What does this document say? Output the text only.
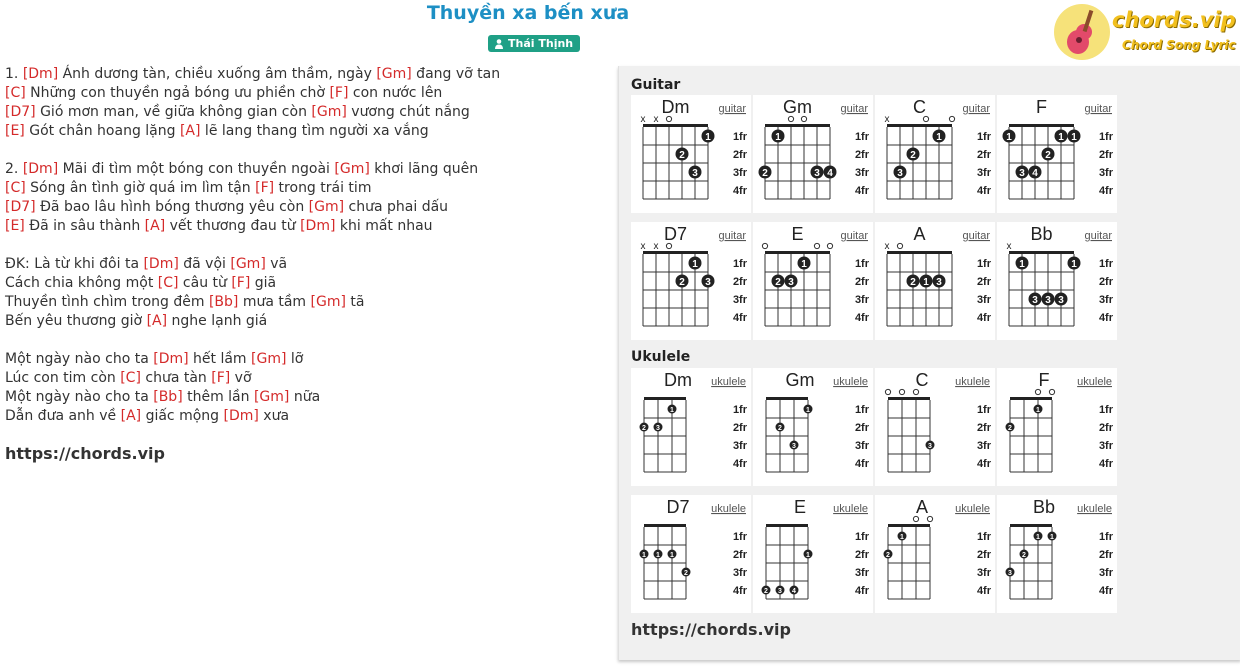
Thuyền xa bến xưa
Thái Thịnh
chords.vip
Chord Song Lyric
1. [Dm] Ánh dương tàn, chiều xuống âm thầm, ngày [Gm] đang vỡ tan
[C] Những con thuyền ngả bóng ưu phiền chờ [F] con nước lên
[D7] Gió mơn man, về giữa không gian còn [Gm] vương chút nắng
[E] Gót chân hoang lặng [A] lẽ lang thang tìm người xa vắng
2. [Dm] Mãi đi tìm một bóng con thuyền ngoài [Gm] khơi lãng quên
[C] Sóng ân tình giờ quá im lìm tận [F] trong trái tim
[D7] Đã bao lâu hình bóng thương yêu còn [Gm] chưa phai dấu
[E] Đã in sâu thành [A] vết thương đau từ [Dm] khi mất nhau
ĐK: Là từ khi đôi ta [Dm] đã vội [Gm] vã
Cách chia không một [C] câu từ [F] giã
Thuyền tình chìm trong đêm [Bb] mưa tầm [Gm] tã
Bến yêu thương giờ [A] nghe lạnh giá
Một ngày nào cho ta [Dm] hết lầm [Gm] lỡ
Lúc con tim còn [C] chưa tàn [F] vỡ
Một ngày nào cho ta [Bb] thêm lần [Gm] nữa
Dẫn đưa anh về [A] giấc mộng [Dm] xưa
https://chords.vip
Guitar
Ukulele
Dm	guitar
1fr
2fr
3fr
4fr
x x
1
2
3
Gm	guitar
1fr
2fr
3fr
4fr
2
1
3 4
C	guitar
1fr
2fr
3fr
4fr
x
3
2
1
F	guitar
1fr
2fr
3fr
4fr
1
3 4
2
1 1
D7	guitar
1fr
2fr
3fr
4fr
x x
2
1
3
E	guitar
1fr
2fr
3fr
4fr
2 3
1
A	guitar
1fr
2fr
3fr
4fr
x
2 1 3
Bb	guitar
1fr
2fr
3fr
4fr
x
1
3 3 3
1
Dm ukulele
1fr
2fr
3fr
4fr
2 3
1
Gm ukulele
1fr
2fr
3fr
4fr
2
3
1
C ukulele
1fr
2fr
3fr
4fr
3
F	ukulele
1fr
2fr
3fr
4fr
2
1
D7 ukulele
1fr
2fr
3fr
4fr
1 1 1
2
E ukulele
1fr
2fr
3fr
4fr
2 3 4
1
A ukulele
1fr
2fr
3fr
4fr
2
1
Bb ukulele
1fr
2fr
3fr
4fr
3
2
1 1
https://chords.vip
